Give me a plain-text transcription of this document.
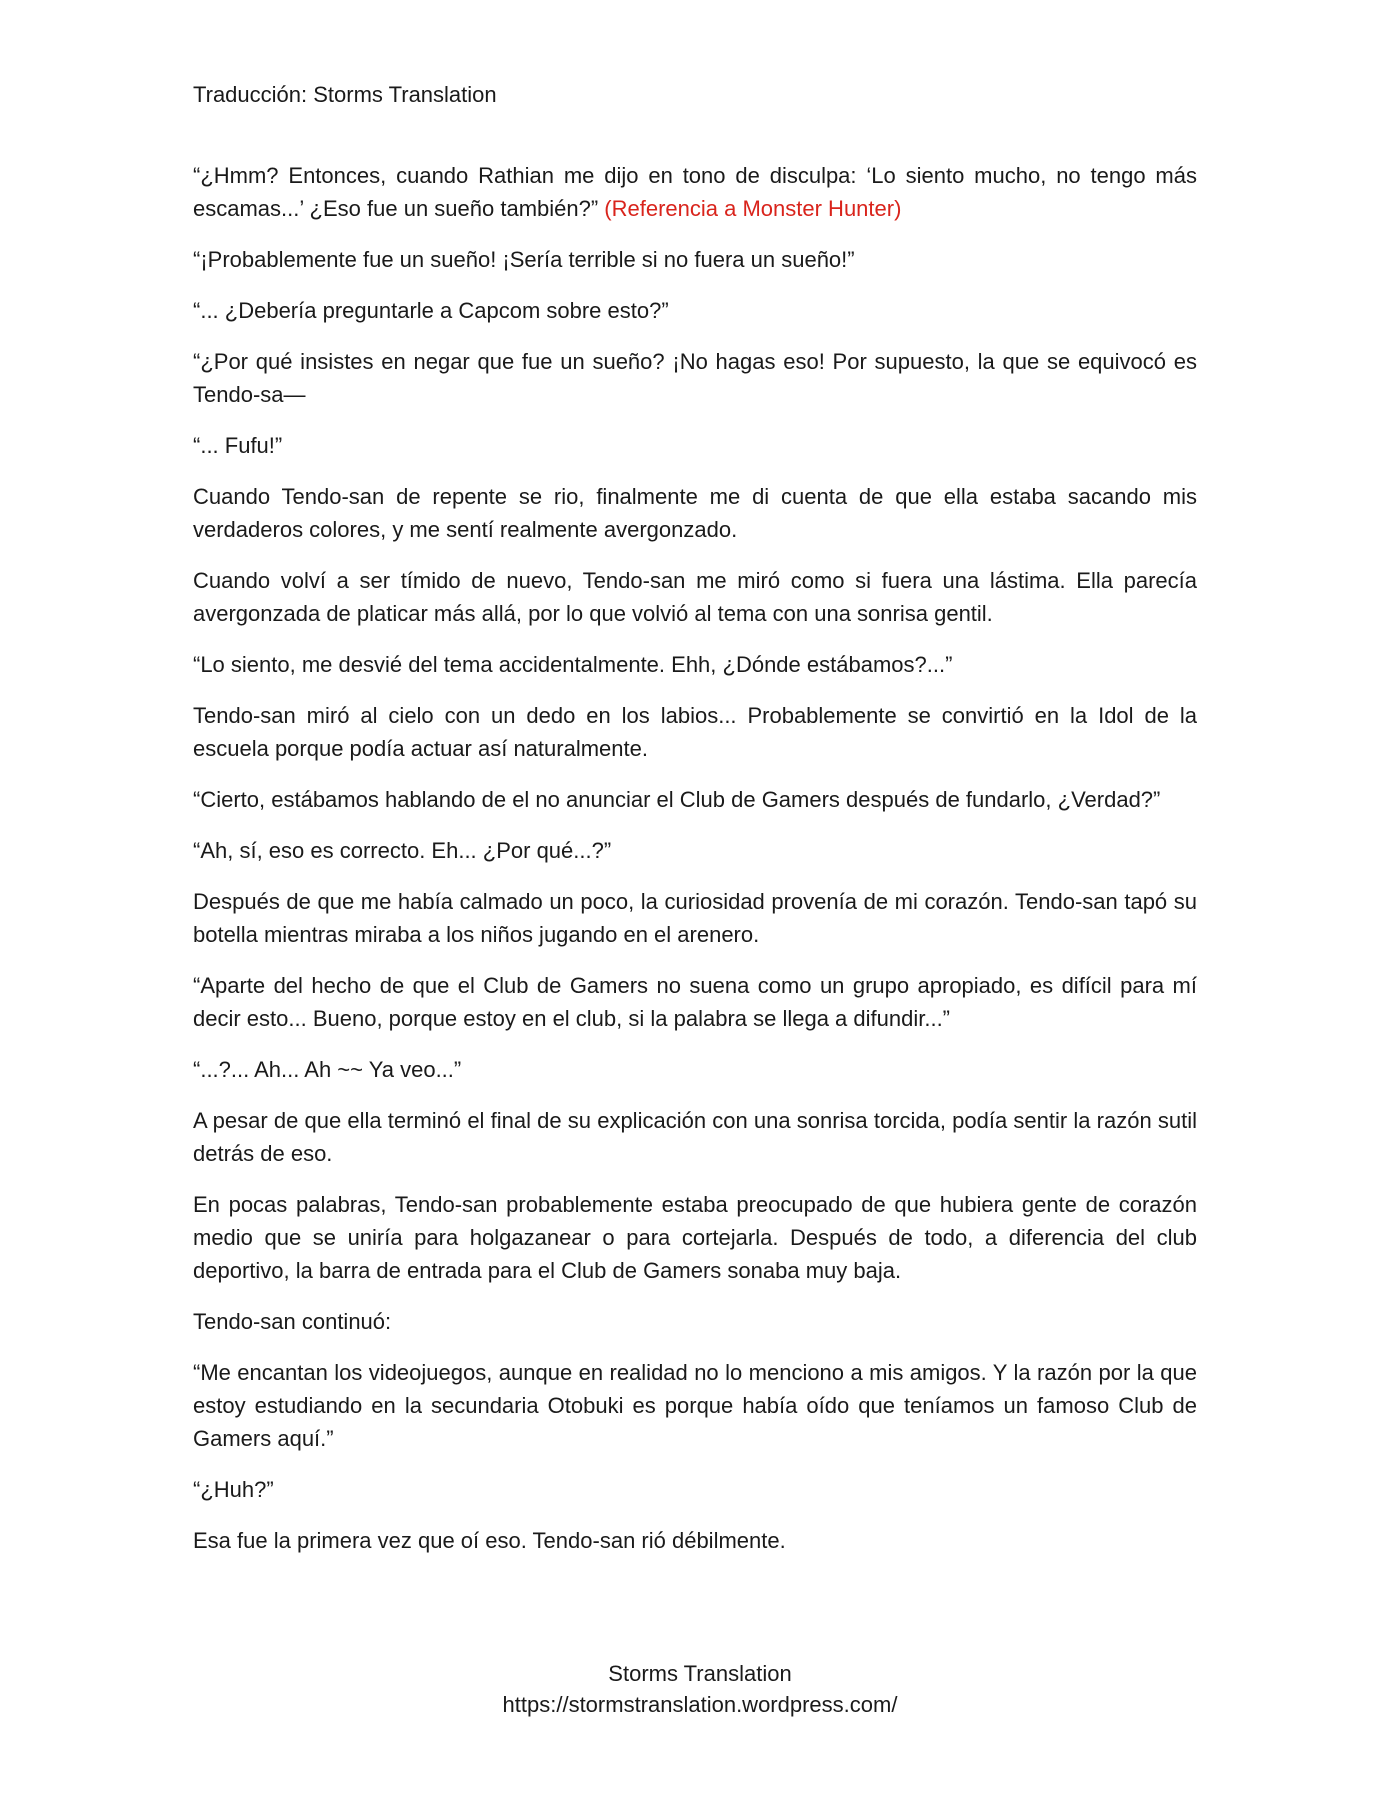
Traducción: Storms Translation

“¿Hmm? Entonces, cuando Rathian me dijo en tono de disculpa: ‘Lo siento mucho, no tengo más escamas...’ ¿Eso fue un sueño también?” (Referencia a Monster Hunter)

“¡Probablemente fue un sueño! ¡Sería terrible si no fuera un sueño!”

“... ¿Debería preguntarle a Capcom sobre esto?”

“¿Por qué insistes en negar que fue un sueño? ¡No hagas eso! Por supuesto, la que se equivocó es Tendo-sa—

“... Fufu!”

Cuando Tendo-san de repente se rio, finalmente me di cuenta de que ella estaba sacando mis verdaderos colores, y me sentí realmente avergonzado.

Cuando volví a ser tímido de nuevo, Tendo-san me miró como si fuera una lástima. Ella parecía avergonzada de platicar más allá, por lo que volvió al tema con una sonrisa gentil.

“Lo siento, me desvié del tema accidentalmente. Ehh, ¿Dónde estábamos?...”

Tendo-san miró al cielo con un dedo en los labios... Probablemente se convirtió en la Idol de la escuela porque podía actuar así naturalmente.

“Cierto, estábamos hablando de el no anunciar el Club de Gamers después de fundarlo, ¿Verdad?”

“Ah, sí, eso es correcto. Eh... ¿Por qué...?”

Después de que me había calmado un poco, la curiosidad provenía de mi corazón. Tendo-san tapó su botella mientras miraba a los niños jugando en el arenero.

“Aparte del hecho de que el Club de Gamers no suena como un grupo apropiado, es difícil para mí decir esto... Bueno, porque estoy en el club, si la palabra se llega a difundir...”

“...?... Ah... Ah ~~ Ya veo...”

A pesar de que ella terminó el final de su explicación con una sonrisa torcida, podía sentir la razón sutil detrás de eso.

En pocas palabras, Tendo-san probablemente estaba preocupado de que hubiera gente de corazón medio que se uniría para holgazanear o para cortejarla. Después de todo, a diferencia del club deportivo, la barra de entrada para el Club de Gamers sonaba muy baja.

Tendo-san continuó:

“Me encantan los videojuegos, aunque en realidad no lo menciono a mis amigos. Y la razón por la que estoy estudiando en la secundaria Otobuki es porque había oído que teníamos un famoso Club de Gamers aquí.”

“¿Huh?”

Esa fue la primera vez que oí eso. Tendo-san rió débilmente.

Storms Translation
https://stormstranslation.wordpress.com/
